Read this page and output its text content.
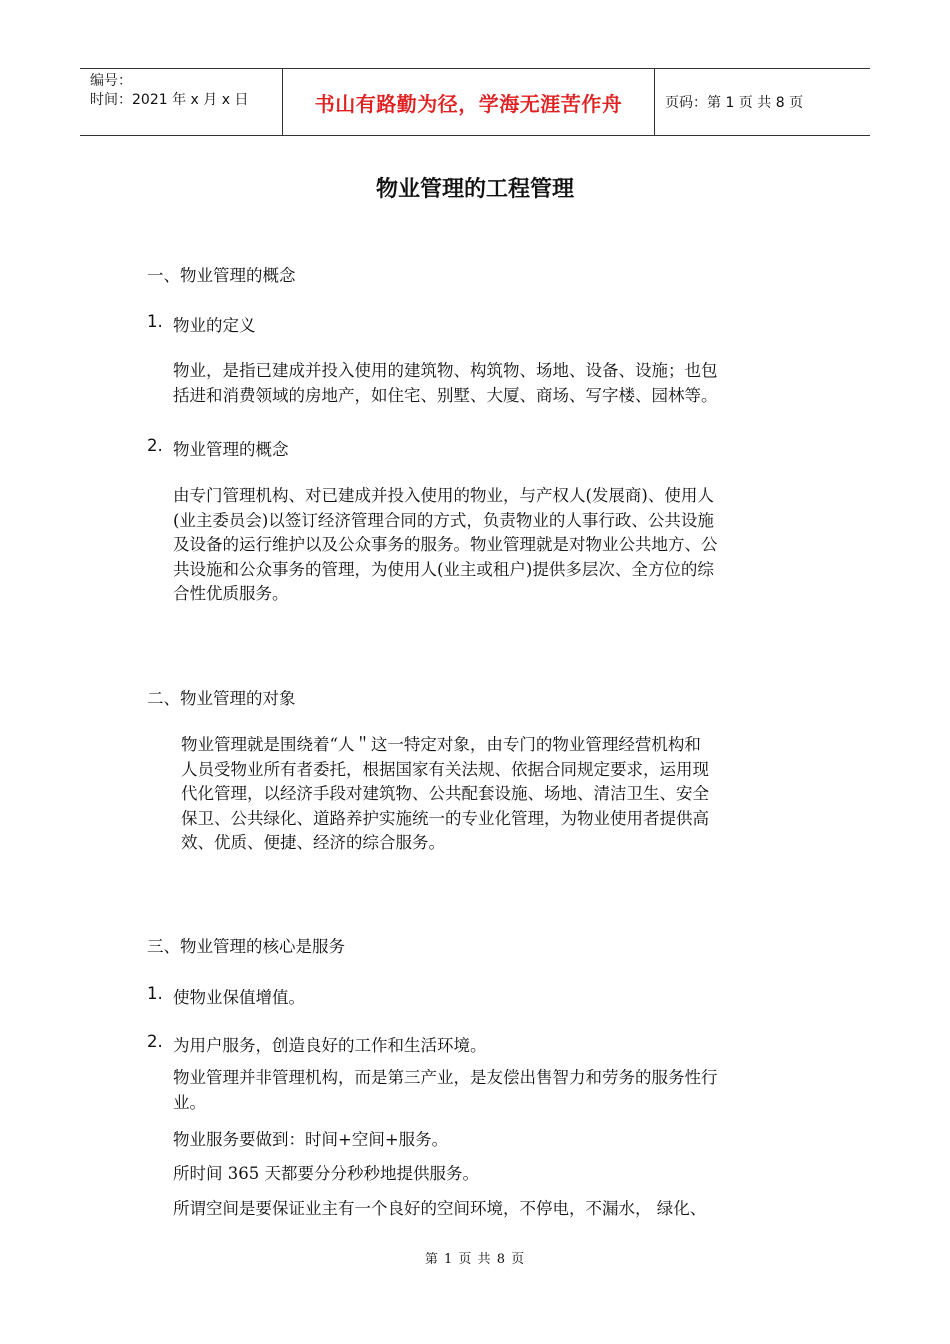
编号：
时间：2021 年 x 月 x 日	书山有路勤为径，学海无涯苦作舟	页码：第 1 页 共 8 页
物业管理的工程管理
一、物业管理的概念
1. 物业的定义
物业，是指已建成并投入使用的建筑物、构筑物、场地、设备、设施；也包
括进和消费领域的房地产，如住宅、别墅、大厦、商场、写字楼、园林等。
2. 物业管理的概念
由专门管理机构、对已建成并投入使用的物业，与产权人(发展商)、使用人
(业主委员会)以签订经济管理合同的方式，负责物业的人事行政、公共设施
及设备的运行维护以及公众事务的服务。物业管理就是对物业公共地方、公
共设施和公众事务的管理，为使用人(业主或租户)提供多层次、全方位的综
合性优质服务。
二、物业管理的对象
物业管理就是围绕着“人＂这一特定对象，由专门的物业管理经营机构和
人员受物业所有者委托，根据国家有关法规、依据合同规定要求，运用现
代化管理，以经济手段对建筑物、公共配套设施、场地、清洁卫生、安全
保卫、公共绿化、道路养护实施统一的专业化管理，为物业使用者提供高
效、优质、便捷、经济的综合服务。
三、物业管理的核心是服务
1. 使物业保值增值。
2. 为用户服务，创造良好的工作和生活环境。
物业管理并非管理机构，而是第三产业，是友偿出售智力和劳务的服务性行
业。
物业服务要做到：时间+空间+服务。
所时间 365 天都要分分秒秒地提供服务。
所谓空间是要保证业主有一个良好的空间环境，不停电，不漏水， 绿化、
第 1 页 共 8 页
